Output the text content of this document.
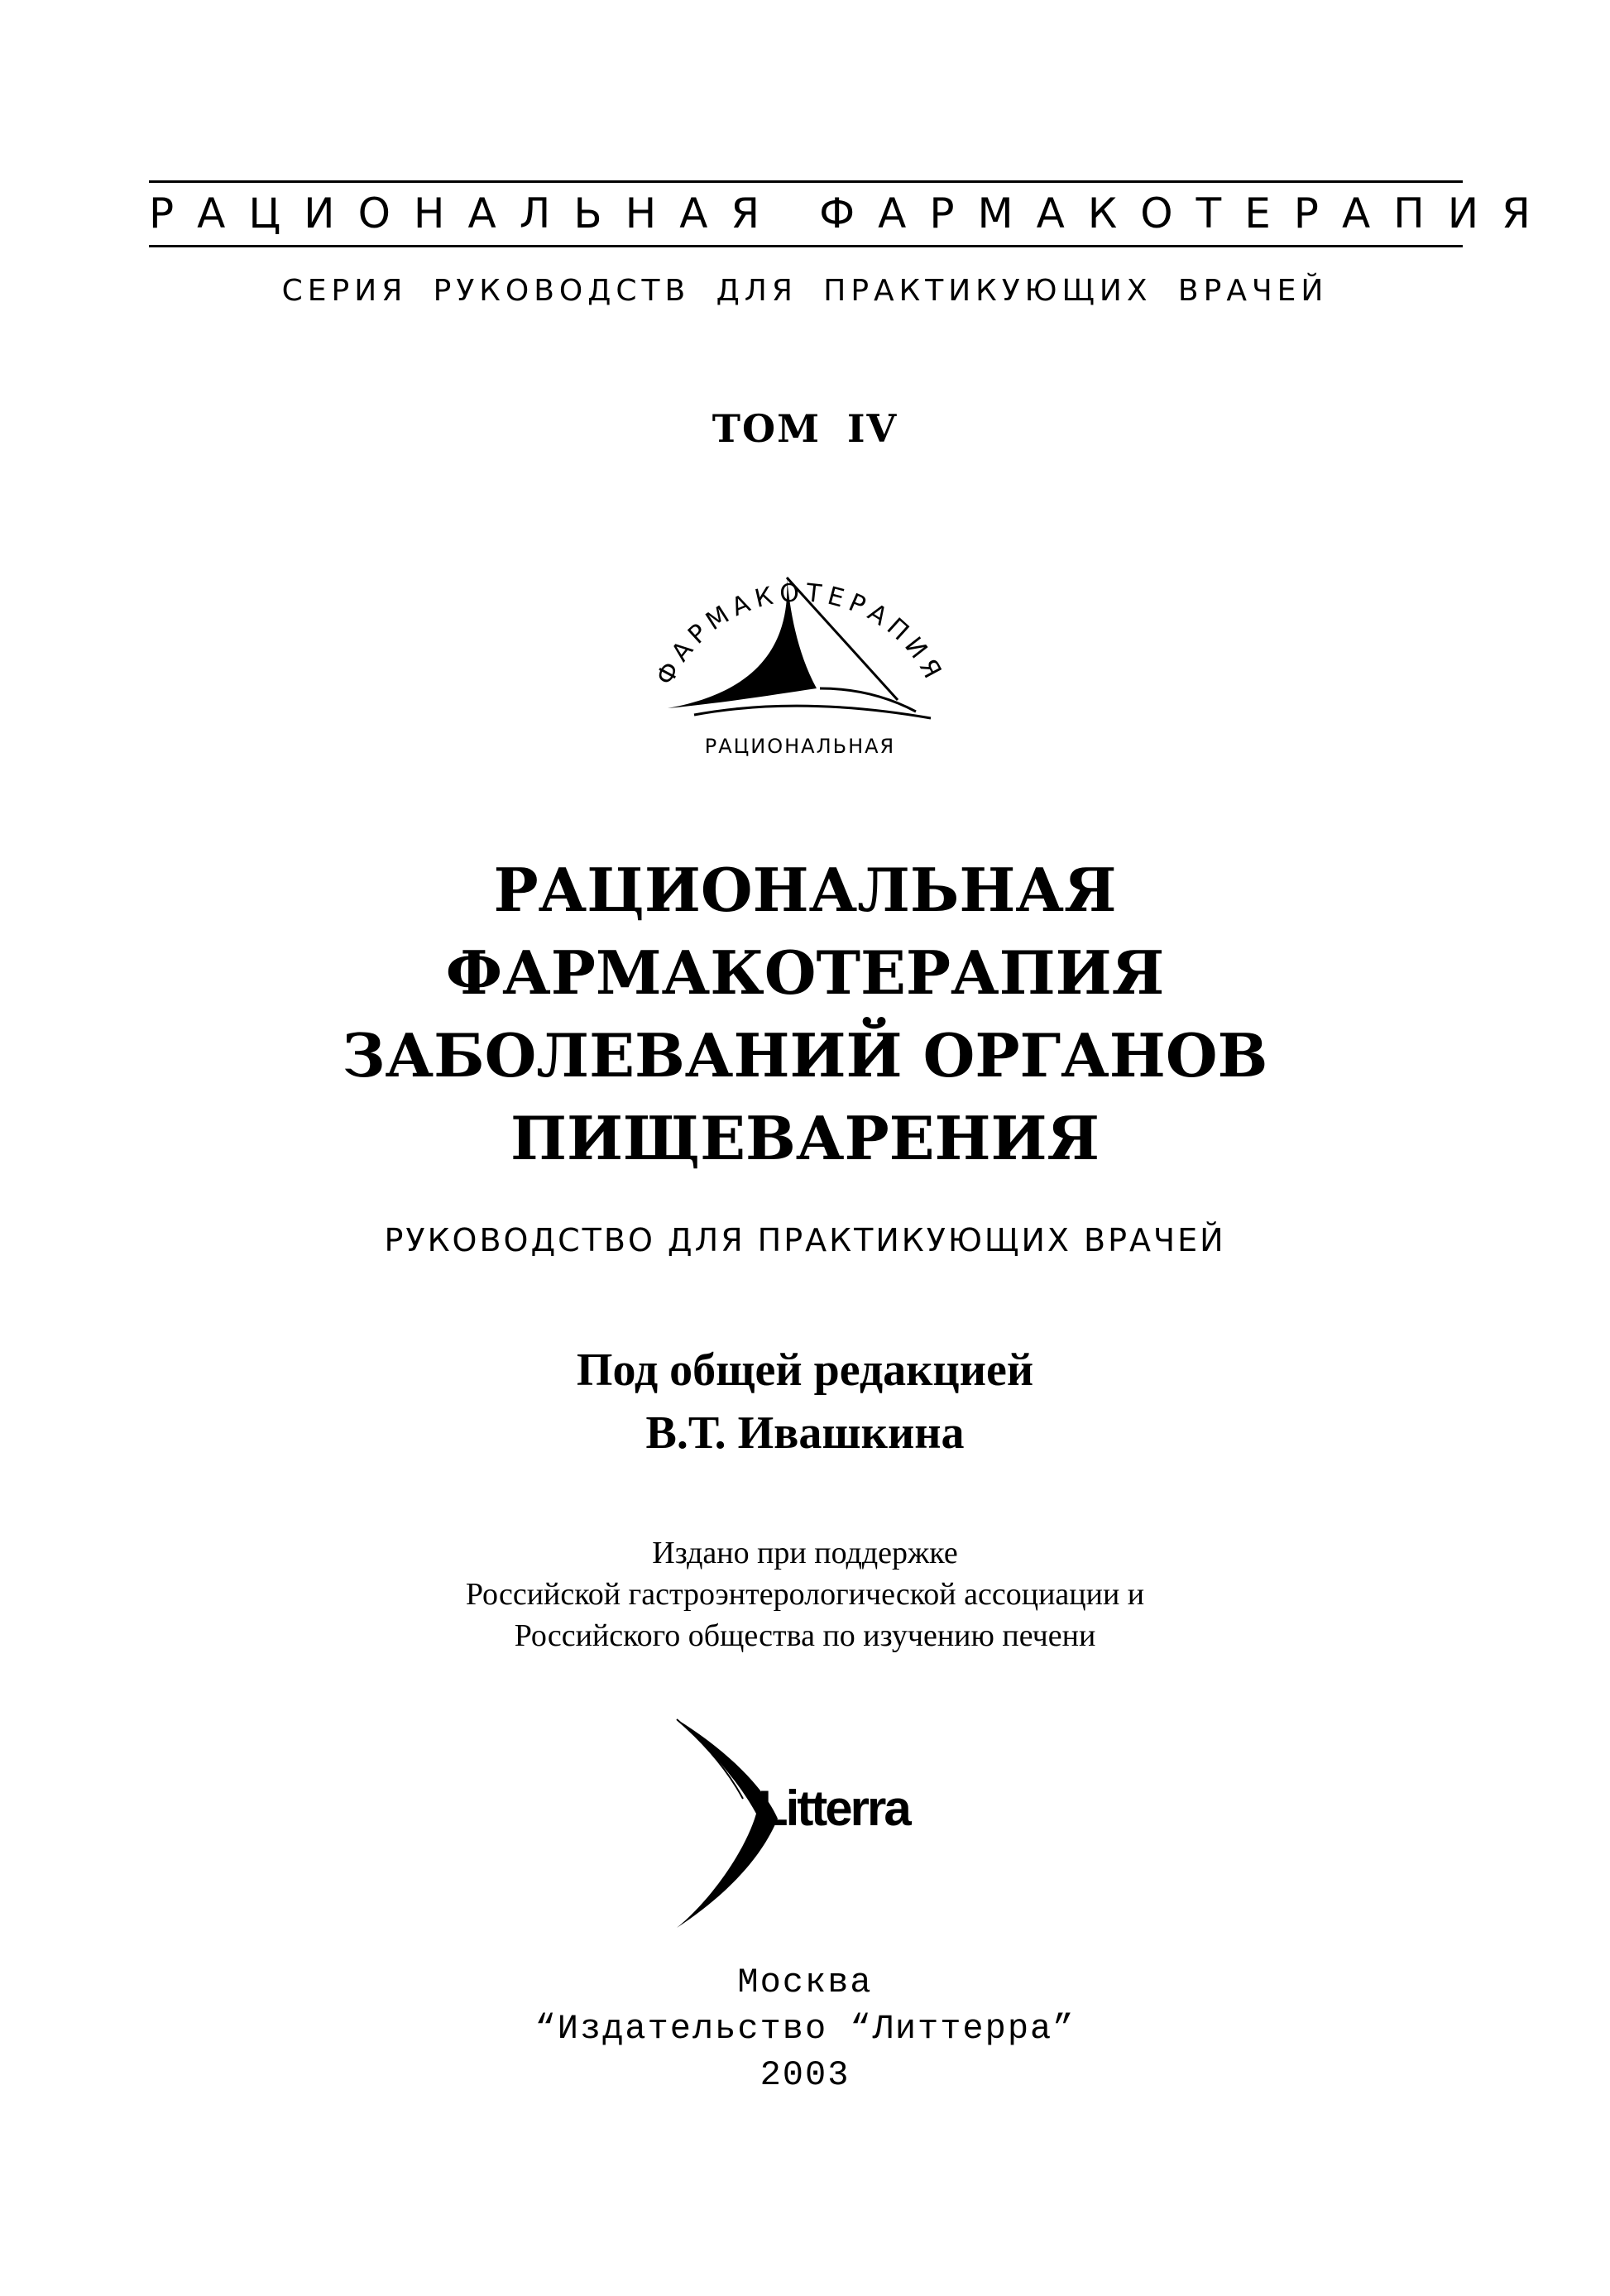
РАЦИОНАЛЬНАЯ ФАРМАКОТЕРАПИЯ
СЕРИЯ РУКОВОДСТВ ДЛЯ ПРАКТИКУЮЩИХ ВРАЧЕЙ
ТОМ IV
ФАРМАКОТЕРАПИЯ
РАЦИОНАЛЬНАЯ
РАЦИОНАЛЬНАЯ
ФАРМАКОТЕРАПИЯ
ЗАБОЛЕВАНИЙ ОРГАНОВ
ПИЩЕВАРЕНИЯ
РУКОВОДСТВО ДЛЯ ПРАКТИКУЮЩИХ ВРАЧЕЙ
Под общей редакцией
В.Т. Ивашкина
Издано при поддержке
Российской гастроэнтерологической ассоциации и
Российского общества по изучению печени
Litterra
Москва
“Издательство “Литтерра”
2003
